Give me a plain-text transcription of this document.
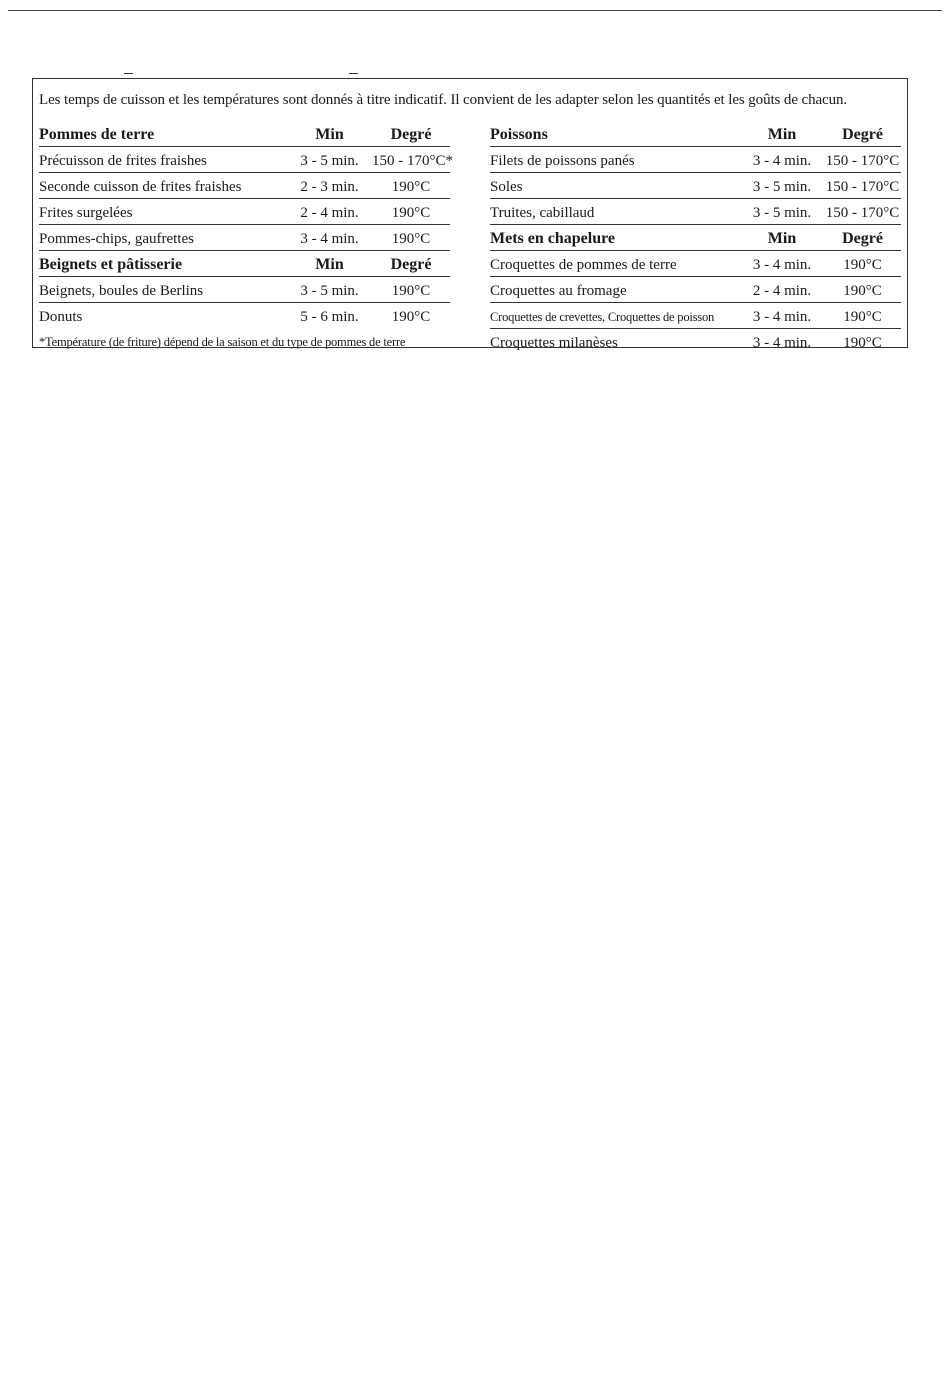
Les temps de cuisson et les températures sont donnés à titre indicatif. Il convient de les adapter selon les quantités et les goûts de chacun.
Pommes de terre	Min	Degré
Précuisson de frites fraishes	3 - 5 min.	150 - 170°C*
Seconde cuisson de frites fraishes	2 - 3 min.	190°C
Frites surgelées	2 - 4 min.	190°C
Pommes-chips, gaufrettes	3 - 4 min.	190°C
Beignets et pâtisserie	Min	Degré
Beignets, boules de Berlins	3 - 5 min.	190°C
Donuts	5 - 6 min.	190°C
*Température (de friture) dépend de la saison et du type de pommes de terre		
Poissons	Min	Degré
Filets de poissons panés	3 - 4 min.	150 - 170°C
Soles	3 - 5 min.	150 - 170°C
Truites, cabillaud	3 - 5 min.	150 - 170°C
Mets en chapelure	Min	Degré
Croquettes de pommes de terre	3 - 4 min.	190°C
Croquettes au fromage	2 - 4 min.	190°C
Croquettes de crevettes, Croquettes de poisson	3 - 4 min.	190°C
Croquettes milanèses	3 - 4 min.	190°C
